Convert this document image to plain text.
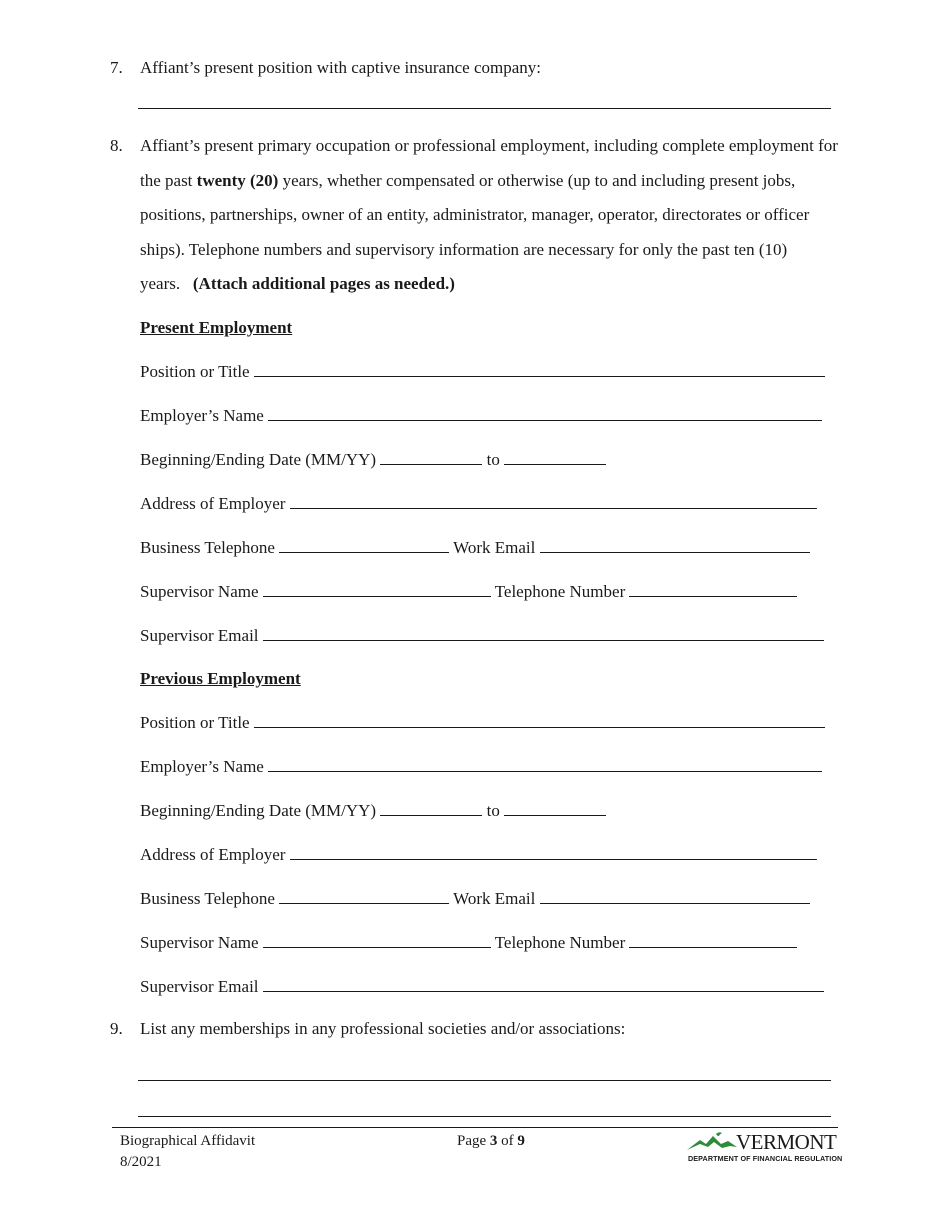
7. Affiant’s present position with captive insurance company:
8. Affiant’s present primary occupation or professional employment, including complete employment for the past twenty (20) years, whether compensated or otherwise (up to and including present jobs, positions, partnerships, owner of an entity, administrator, manager, operator, directorates or officer ships). Telephone numbers and supervisory information are necessary for only the past ten (10) years. (Attach additional pages as needed.)
Present Employment
Position or Title
Employer’s Name
Beginning/Ending Date (MM/YY)	to
Address of Employer
Business Telephone	Work Email
Supervisor Name	Telephone Number
Supervisor Email
Previous Employment
Position or Title
Employer’s Name
Beginning/Ending Date (MM/YY)	to
Address of Employer
Business Telephone	Work Email
Supervisor Name	Telephone Number
Supervisor Email
9. List any memberships in any professional societies and/or associations:
Biographical Affidavit
8/2021
Page 3 of 9	VERMONT
DEPARTMENT OF FINANCIAL REGULATION
